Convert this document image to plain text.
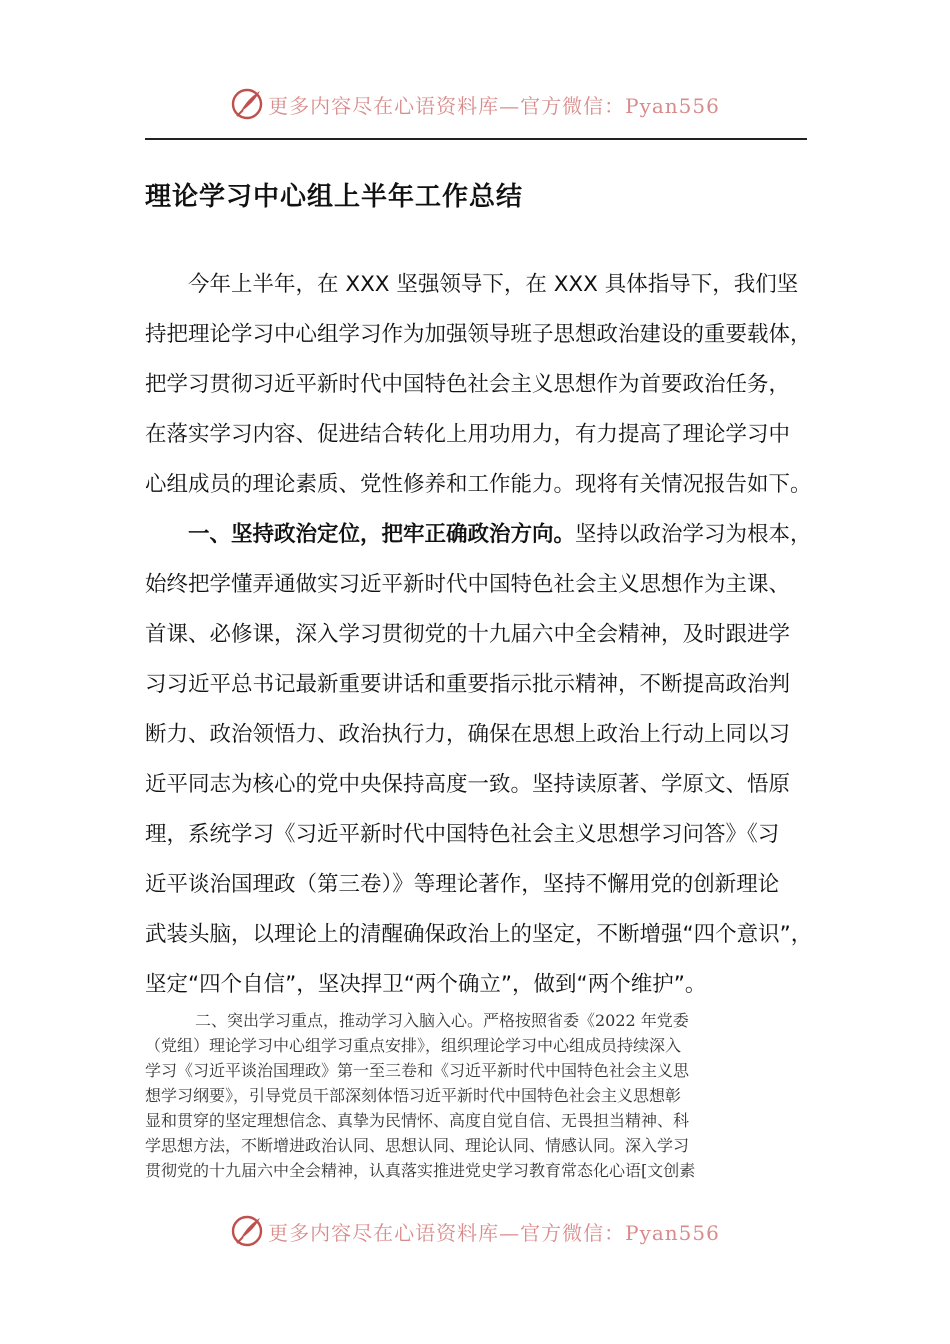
更多内容尽在心语资料库—官方微信：Pyan556
理论学习中心组上半年工作总结
今年上半年，在 XXX 坚强领导下，在 XXX 具体指导下，我们坚
持把理论学习中心组学习作为加强领导班子思想政治建设的重要载体，
把学习贯彻习近平新时代中国特色社会主义思想作为首要政治任务，
在落实学习内容、促进结合转化上用功用力，有力提高了理论学习中
心组成员的理论素质、党性修养和工作能力。现将有关情况报告如下。
一、坚持政治定位，把牢正确政治方向。坚持以政治学习为根本，
始终把学懂弄通做实习近平新时代中国特色社会主义思想作为主课、
首课、必修课，深入学习贯彻党的十九届六中全会精神，及时跟进学
习习近平总书记最新重要讲话和重要指示批示精神，不断提高政治判
断力、政治领悟力、政治执行力，确保在思想上政治上行动上同以习
近平同志为核心的党中央保持高度一致。坚持读原著、学原文、悟原
理，系统学习《习近平新时代中国特色社会主义思想学习问答》《习
近平谈治国理政（第三卷）》等理论著作，坚持不懈用党的创新理论
武装头脑，以理论上的清醒确保政治上的坚定，不断增强“四个意识”，
坚定“四个自信”，坚决捍卫“两个确立”，做到“两个维护”。
二、突出学习重点，推动学习入脑入心。严格按照省委《2022 年党委
（党组）理论学习中心组学习重点安排》，组织理论学习中心组成员持续深入
学习《习近平谈治国理政》第一至三卷和《习近平新时代中国特色社会主义思
想学习纲要》，引导党员干部深刻体悟习近平新时代中国特色社会主义思想彰
显和贯穿的坚定理想信念、真挚为民情怀、高度自觉自信、无畏担当精神、科
学思想方法，不断增进政治认同、思想认同、理论认同、情感认同。深入学习
贯彻党的十九届六中全会精神，认真落实推进党史学习教育常态化心语[文创素
更多内容尽在心语资料库—官方微信：Pyan556
